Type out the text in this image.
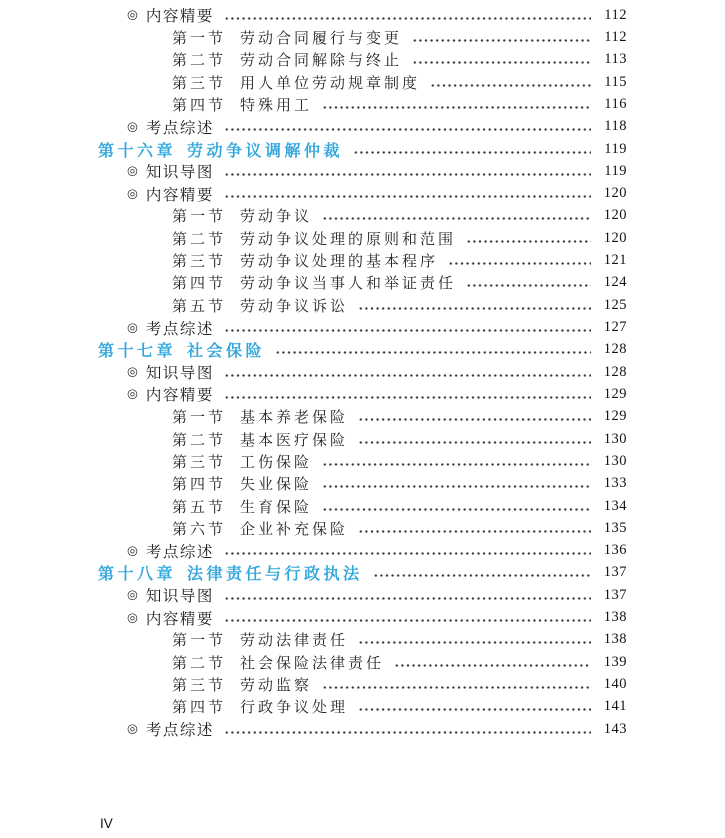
◎ 内容精要	112
第一节 劳动合同履行与变更	112
第二节 劳动合同解除与终止	113
第三节 用人单位劳动规章制度	115
第四节 特殊用工	116
◎ 考点综述	118
第十六章 劳动争议调解仲裁	119
◎ 知识导图	119
◎ 内容精要	120
第一节 劳动争议	120
第二节 劳动争议处理的原则和范围	120
第三节 劳动争议处理的基本程序	121
第四节 劳动争议当事人和举证责任	124
第五节 劳动争议诉讼	125
◎ 考点综述	127
第十七章 社会保险	128
◎ 知识导图	128
◎ 内容精要	129
第一节 基本养老保险	129
第二节 基本医疗保险	130
第三节 工伤保险	130
第四节 失业保险	133
第五节 生育保险	134
第六节 企业补充保险	135
◎ 考点综述	136
第十八章 法律责任与行政执法	137
◎ 知识导图	137
◎ 内容精要	138
第一节 劳动法律责任	138
第二节 社会保险法律责任	139
第三节 劳动监察	140
第四节 行政争议处理	141
◎ 考点综述	143
IV
